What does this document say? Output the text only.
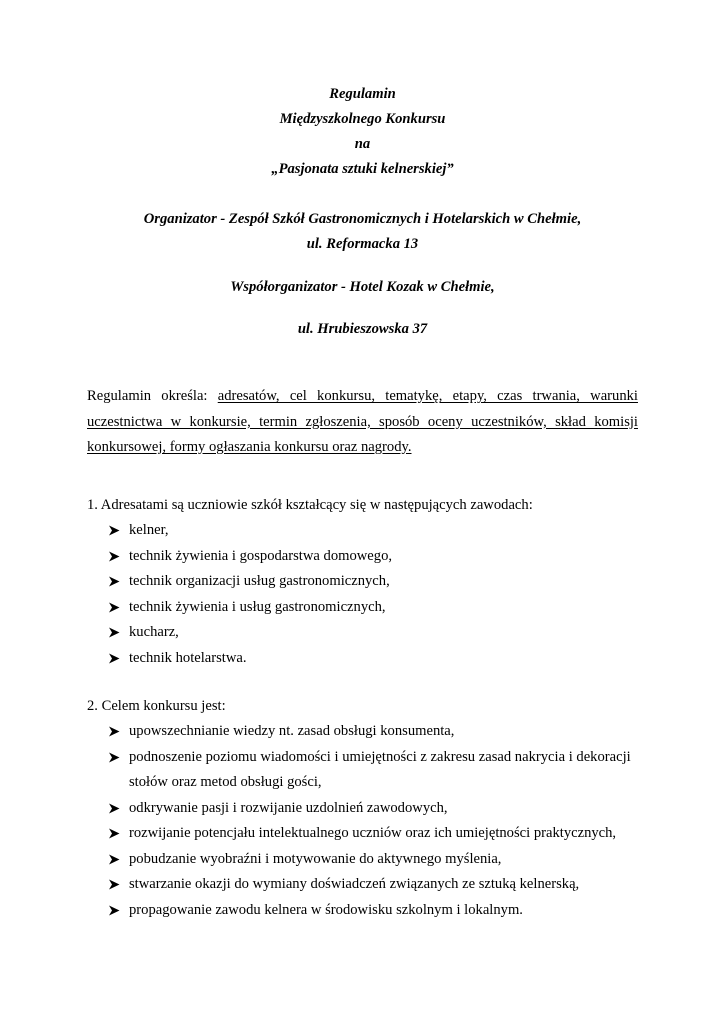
Regulamin
Międzyszkolnego Konkursu
na
„Pasjonata sztuki kelnerskiej”
Organizator - Zespół Szkół Gastronomicznych i Hotelarskich w Chełmie,
ul. Reformacka 13
Współorganizator - Hotel Kozak w Chełmie,
ul. Hrubieszowska 37
Regulamin określa: adresatów, cel konkursu, tematykę, etapy, czas trwania, warunki
uczestnictwa w konkursie, termin zgłoszenia, sposób oceny uczestników, skład komisji
konkursowej, formy ogłaszania konkursu oraz nagrody.
1. Adresatami są uczniowie szkół kształcący się w następujących zawodach:
kelner,
technik żywienia i gospodarstwa domowego,
technik organizacji usług gastronomicznych,
technik żywienia i usług gastronomicznych,
kucharz,
technik hotelarstwa.
2. Celem konkursu jest:
upowszechnianie wiedzy nt. zasad obsługi konsumenta,
podnoszenie poziomu wiadomości i umiejętności z zakresu zasad nakrycia i dekoracji stołów oraz metod obsługi gości,
odkrywanie pasji i rozwijanie uzdolnień zawodowych,
rozwijanie potencjału intelektualnego uczniów oraz ich umiejętności praktycznych,
pobudzanie wyobraźni i motywowanie do aktywnego myślenia,
stwarzanie okazji do wymiany doświadczeń związanych ze sztuką kelnerską,
propagowanie zawodu kelnera w środowisku szkolnym i lokalnym.
